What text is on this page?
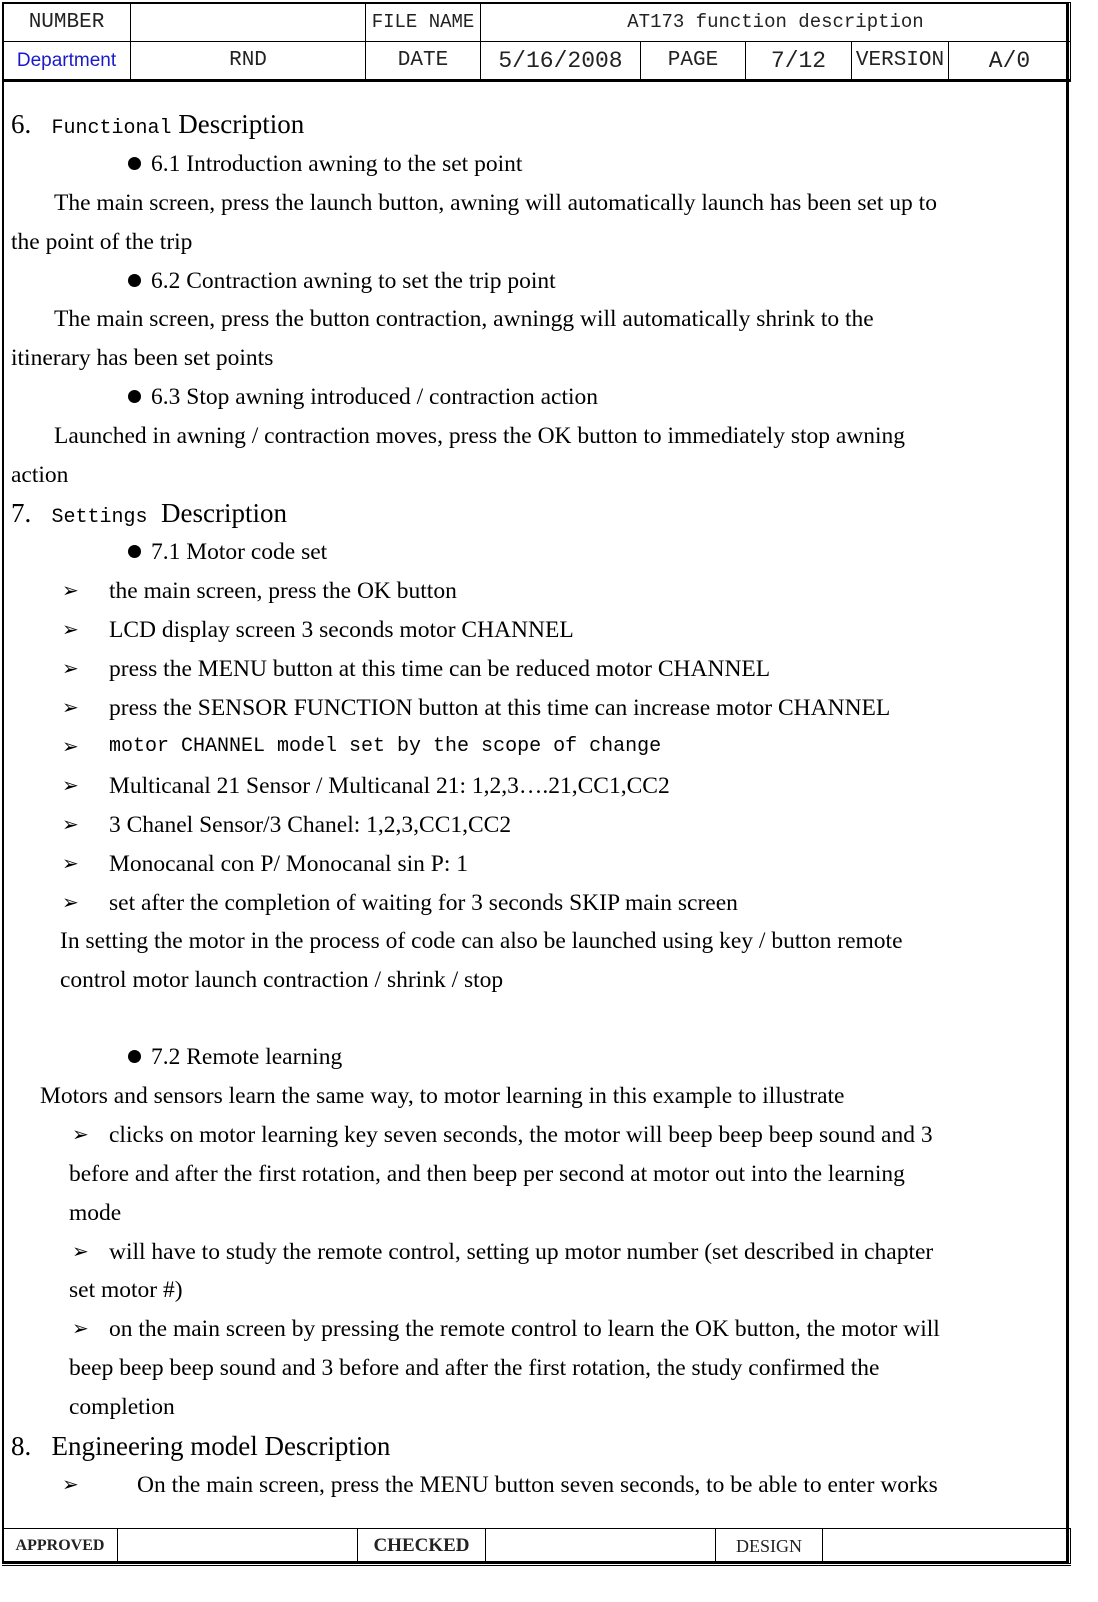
NUMBER		FILE NAME	AT173 function description				
Department	RND	DATE	5/16/2008	PAGE	7/12	VERSION	A/0
6. Functional Description
6.1 Introduction awning to the set point
The main screen, press the launch button, awning will automatically launch has been set up to
the point of the trip
6.2 Contraction awning to set the trip point
The main screen, press the button contraction, awningg will automatically shrink to the
itinerary has been set points
6.3 Stop awning introduced / contraction action
Launched in awning / contraction moves, press the OK button to immediately stop awning
action
7. Settings Description
7.1 Motor code set
➢ the main screen, press the OK button
➢ LCD display screen 3 seconds motor CHANNEL
➢ press the MENU button at this time can be reduced motor CHANNEL
➢ press the SENSOR FUNCTION button at this time can increase motor CHANNEL
➢ motor CHANNEL model set by the scope of change
➢ Multicanal 21 Sensor / Multicanal 21: 1,2,3….21,CC1,CC2
➢ 3 Chanel Sensor/3 Chanel: 1,2,3,CC1,CC2
➢ Monocanal con P/ Monocanal sin P: 1
➢ set after the completion of waiting for 3 seconds SKIP main screen
In setting the motor in the process of code can also be launched using key / button remote
control motor launch contraction / shrink / stop
7.2 Remote learning
Motors and sensors learn the same way, to motor learning in this example to illustrate
➢ clicks on motor learning key seven seconds, the motor will beep beep beep sound and 3
before and after the first rotation, and then beep per second at motor out into the learning
mode
➢ will have to study the remote control, setting up motor number (set described in chapter
set motor #)
➢ on the main screen by pressing the remote control to learn the OK button, the motor will
beep beep beep sound and 3 before and after the first rotation, the study confirmed the
completion
8. Engineering model Description
➢ On the main screen, press the MENU button seven seconds, to be able to enter works
APPROVED		CHECKED		DESIGN	
